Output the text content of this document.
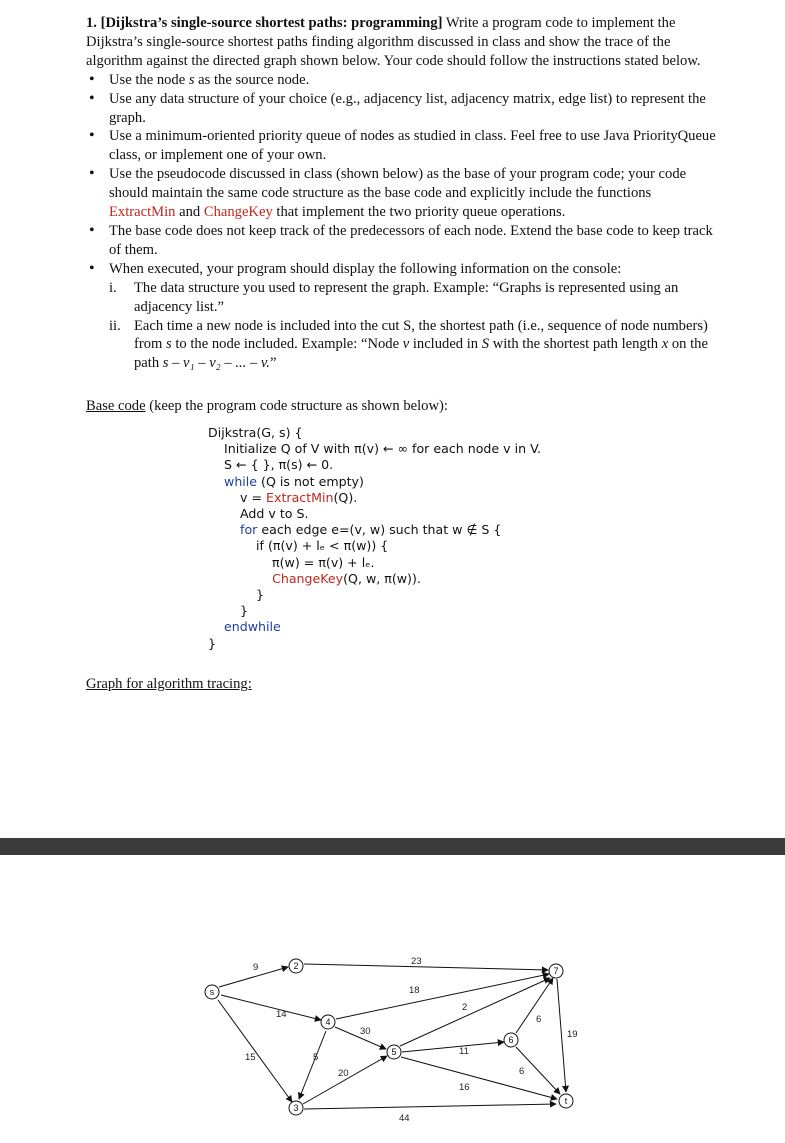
1. [Dijkstra’s single-source shortest paths: programming] Write a program code to implement the Dijkstra’s single-source shortest paths finding algorithm discussed in class and show the trace of the algorithm against the directed graph shown below. Your code should follow the instructions stated below.

• Use the node s as the source node.
• Use any data structure of your choice (e.g., adjacency list, adjacency matrix, edge list) to represent the graph.
• Use a minimum-oriented priority queue of nodes as studied in class. Feel free to use Java PriorityQueue class, or implement one of your own.
• Use the pseudocode discussed in class (shown below) as the base of your program code; your code should maintain the same code structure as the base code and explicitly include the functions ExtractMin and ChangeKey that implement the two priority queue operations.
• The base code does not keep track of the predecessors of each node. Extend the base code to keep track of them.
• When executed, your program should display the following information on the console:
i. The data structure you used to represent the graph. Example: “Graphs is represented using an adjacency list.”
ii. Each time a new node is included into the cut S, the shortest path (i.e., sequence of node numbers) from s to the node included. Example: “Node v included in S with the shortest path length x on the path s – v₁ – v₂ – ... – v.”
Base code (keep the program code structure as shown below):
Dijkstra(G, s) {
Initialize Q of V with π(v) ← ∞ for each node v in V.
S ← { }, π(s) ← 0.
while (Q is not empty)
v = ExtractMin(Q).
Add v to S.
for each edge e=(v, w) such that w ∉ S {
if (π(v) + lₑ < π(w)) {
π(w) = π(v) + lₑ.
ChangeKey(Q, w, π(w)).
}
}
endwhile
}
Graph for algorithm tracing:
s
2
3
4
5
6
7
t
9
14
15
23
18
30
5
2
11
20
44
16
6
6
19
